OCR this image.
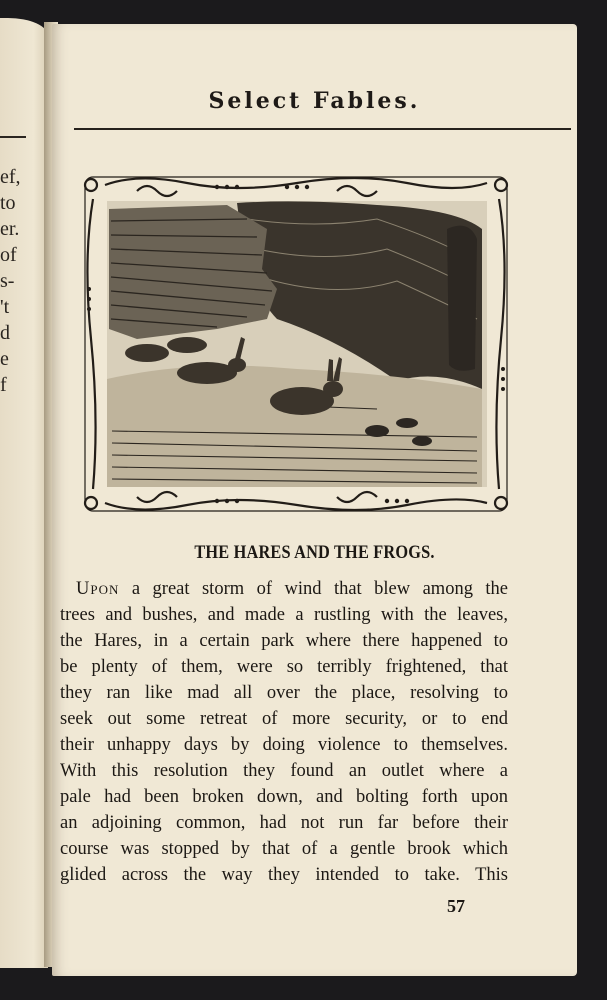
ef,
to
er.
of
s-
't
d
e
f
Select Fables.
THE HARES AND THE FROGS.
Upon a great storm of wind that blew among the
trees and bushes, and made a rustling with the leaves,
the Hares, in a certain park where there happened to
be plenty of them, were so terribly frightened, that
they ran like mad all over the place, resolving to
seek out some retreat of more security, or to end
their unhappy days by doing violence to themselves.
With this resolution they found an outlet where a
pale had been broken down, and bolting forth upon
an adjoining common, had not run far before their
course was stopped by that of a gentle brook which
glided across the way they intended to take. This
57
